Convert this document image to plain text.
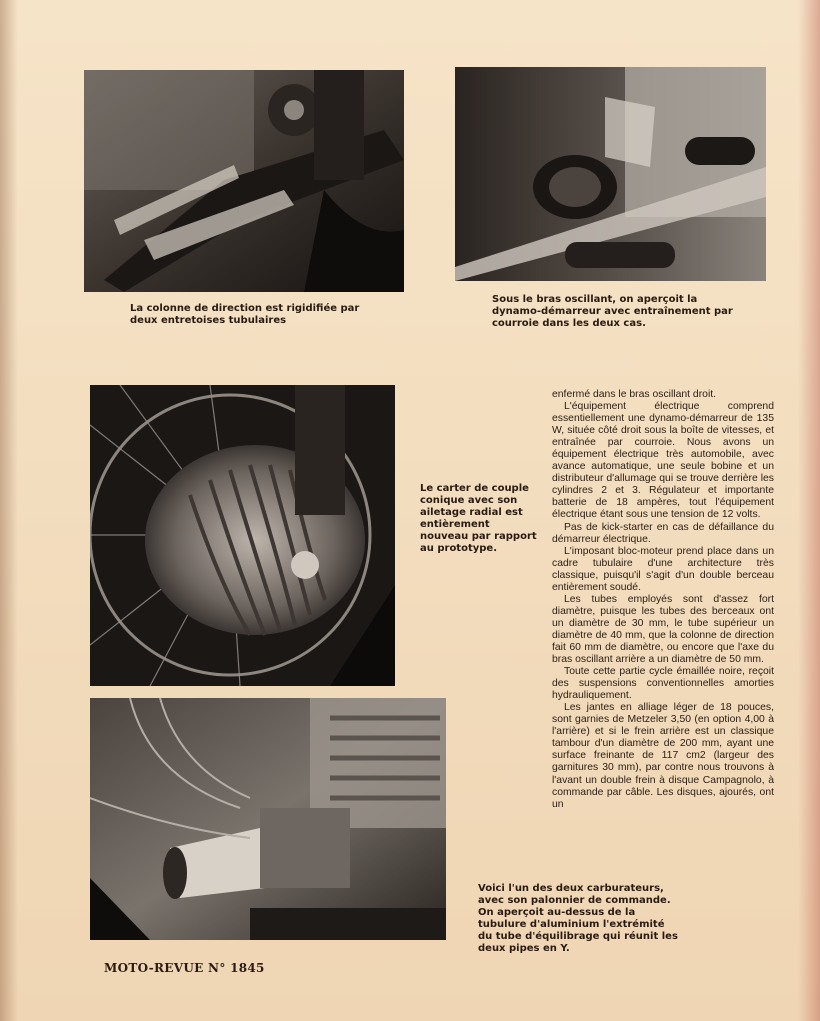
La colonne de direction est rigidifiée par deux entretoises tubulaires
Sous le bras oscillant, on aperçoit la dynamo-démarreur avec entraînement par courroie dans les deux cas.
Le carter de couple conique avec son ailetage radial est entièrement nouveau par rapport au prototype.
Voici l'un des deux carburateurs, avec son palonnier de commande. On aperçoit au-dessus de la tubulure d'aluminium l'extrémité du tube d'équilibrage qui réunit les deux pipes en Y.

enfermé dans le bras oscillant droit.

L'équipement électrique comprend essentiellement une dynamo-démarreur de 135 W, située côté droit sous la boîte de vitesses, et entraînée par courroie. Nous avons un équipement électrique très automobile, avec avance automatique, une seule bobine et un distributeur d'allumage qui se trouve derrière les cylindres 2 et 3. Régulateur et importante batterie de 18 ampères, tout l'équipement électrique étant sous une tension de 12 volts.

Pas de kick-starter en cas de défaillance du démarreur électrique.

L'imposant bloc-moteur prend place dans un cadre tubulaire d'une architecture très classique, puisqu'il s'agit d'un double berceau entièrement soudé.

Les tubes employés sont d'assez fort diamètre, puisque les tubes des berceaux ont un diamètre de 30 mm, le tube supérieur un diamètre de 40 mm, que la colonne de direction fait 60 mm de diamètre, ou encore que l'axe du bras oscillant arrière a un diamètre de 50 mm.

Toute cette partie cycle émaillée noire, reçoit des suspensions conventionnelles amorties hydrauliquement.

Les jantes en alliage léger de 18 pouces, sont garnies de Metzeler 3,50 (en option 4,00 à l'arrière) et si le frein arrière est un classique tambour d'un diamètre de 200 mm, ayant une surface freinante de 117 cm2 (largeur des garnitures 30 mm), par contre nous trouvons à l'avant un double frein à disque Campagnolo, à commande par câble. Les disques, ajourés, ont un

MOTO-REVUE N° 1845
